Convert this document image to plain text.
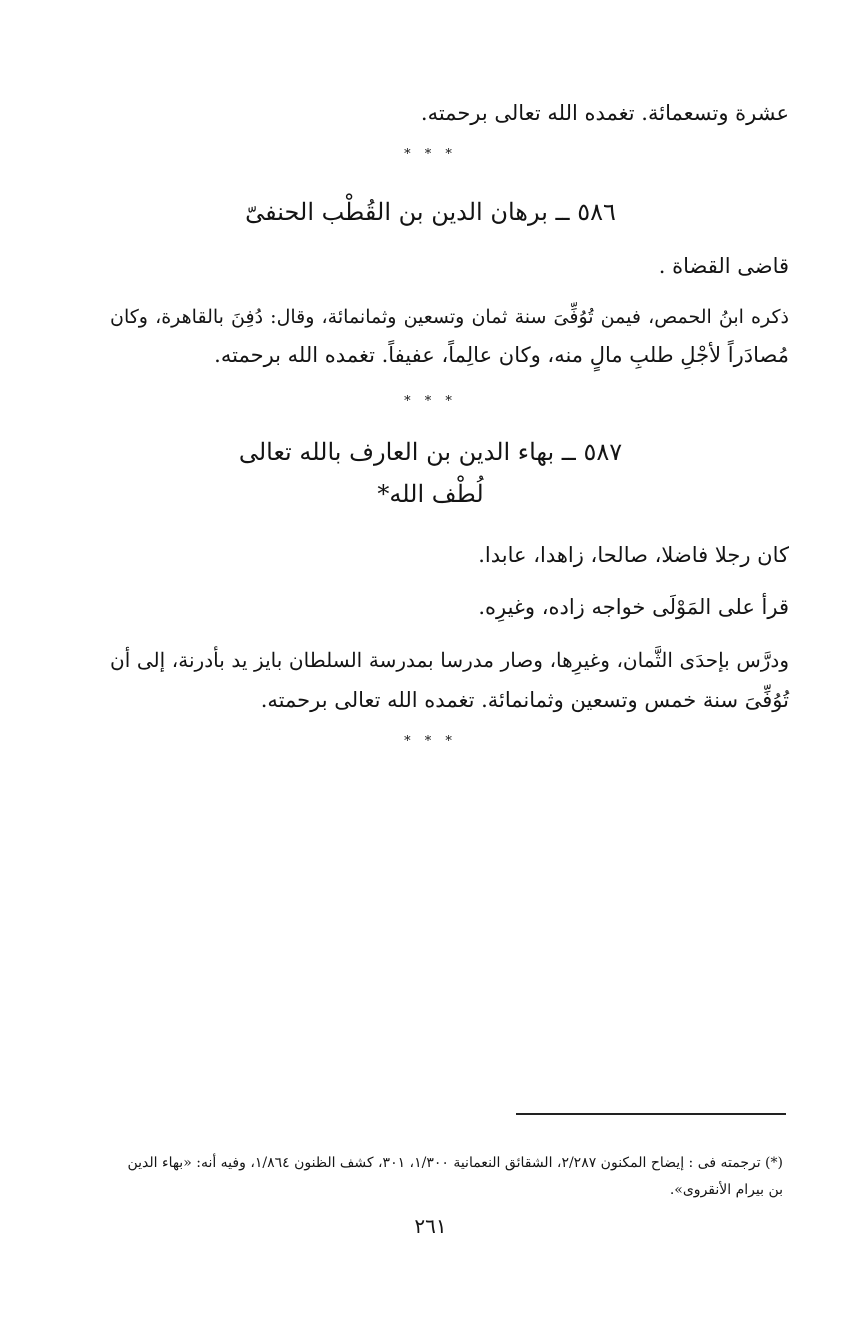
عشرة وتسعمائة. تغمده الله تعالى برحمته.
* * *
٥٨٦ ــ برهان الدين بن القُطْب الحنفىّ
قاضى القضاة .
ذكره ابنُ الحمص، فيمن تُوُفِّىَ سنة ثمان وتسعين وثمانمائة، وقال: دُفِنَ بالقاهرة، وكان
مُصادَراً لأجْلِ طلبِ مالٍ منه، وكان عالِماً، عفيفاً. تغمده الله برحمته.
* * *
٥٨٧ ــ بهاء الدين بن العارف بالله تعالى
لُطْف الله*
كان رجلا فاضلا، صالحا، زاهدا، عابدا.
قرأ على المَوْلَى خواجه زاده، وغيرِه.
ودرَّس بإحدَى الثَّمان، وغيرِها، وصار مدرسا بمدرسة السلطان بايز يد بأدرنة، إلى أن
تُوُفِّىَ سنة خمس وتسعين وثمانمائة. تغمده الله تعالى برحمته.
* * *
(*) ترجمته فى : إيضاح المكنون ٢/٢٨٧، الشقائق النعمانية ١/٣٠٠، ٣٠١، كشف الظنون ١/٨٦٤، وفيه أنه: «بهاء الدين
بن بيرام الأنقروى».
٢٦١
